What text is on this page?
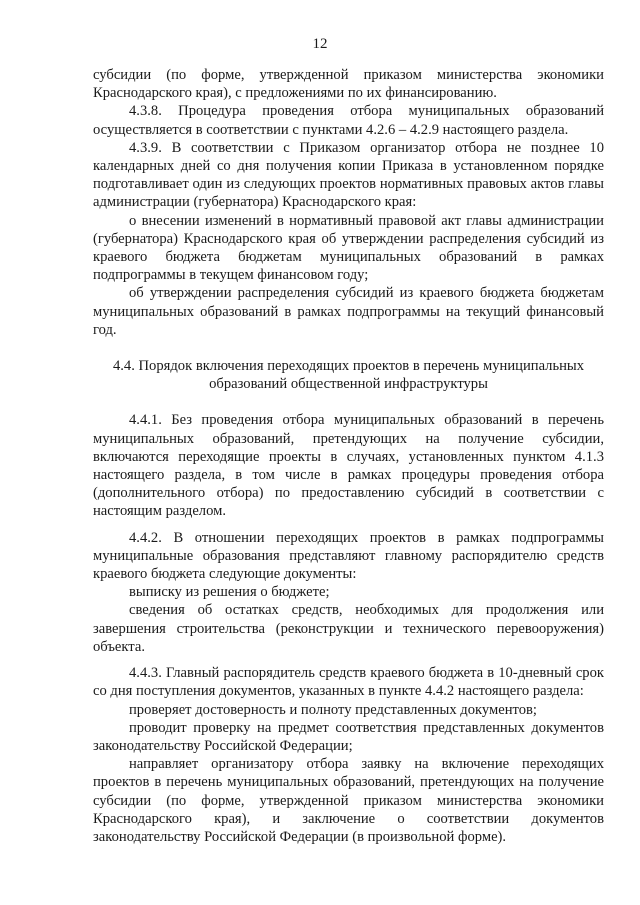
12

субсидии (по форме, утвержденной приказом министерства экономики Краснодарского края), с предложениями по их финансированию.

4.3.8. Процедура проведения отбора муниципальных образований осуществляется в соответствии с пунктами 4.2.6 – 4.2.9 настоящего раздела.

4.3.9. В соответствии с Приказом организатор отбора не позднее 10 календарных дней со дня получения копии Приказа в установленном порядке подготавливает один из следующих проектов нормативных правовых актов главы администрации (губернатора) Краснодарского края:

о внесении изменений в нормативный правовой акт главы администрации (губернатора) Краснодарского края об утверждении распределения субсидий из краевого бюджета бюджетам муниципальных образований в рамках подпрограммы в текущем финансовом году;

об утверждении распределения субсидий из краевого бюджета бюджетам муниципальных образований в рамках подпрограммы на текущий финансовый год.

4.4. Порядок включения переходящих проектов в перечень муниципальных образований общественной инфраструктуры

4.4.1. Без проведения отбора муниципальных образований в перечень муниципальных образований, претендующих на получение субсидии, включаются переходящие проекты в случаях, установленных пунктом 4.1.3 настоящего раздела, в том числе в рамках процедуры проведения отбора (дополнительного отбора) по предоставлению субсидий в соответствии с настоящим разделом.

4.4.2. В отношении переходящих проектов в рамках подпрограммы муниципальные образования представляют главному распорядителю средств краевого бюджета следующие документы:

выписку из решения о бюджете;

сведения об остатках средств, необходимых для продолжения или завершения строительства (реконструкции и технического перевооружения) объекта.

4.4.3. Главный распорядитель средств краевого бюджета в 10-дневный срок со дня поступления документов, указанных в пункте 4.4.2 настоящего раздела:

проверяет достоверность и полноту представленных документов;

проводит проверку на предмет соответствия представленных документов законодательству Российской Федерации;

направляет организатору отбора заявку на включение переходящих проектов в перечень муниципальных образований, претендующих на получение субсидии (по форме, утвержденной приказом министерства экономики Краснодарского края), и заключение о соответствии документов законодательству Российской Федерации (в произвольной форме).
